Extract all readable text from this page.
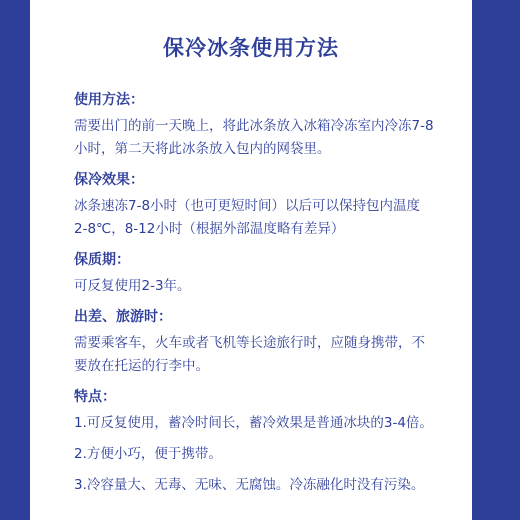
保冷冰条使用方法
使用方法：
需要出门的前一天晚上，将此冰条放入冰箱冷冻室内冷冻7-8
小时，第二天将此冰条放入包内的网袋里。
保冷效果：
冰条速冻7-8小时（也可更短时间）以后可以保持包内温度
2-8℃，8-12小时（根据外部温度略有差异）
保质期：
可反复使用2-3年。
出差、旅游时：
需要乘客车，火车或者飞机等长途旅行时，应随身携带，不
要放在托运的行李中。
特点：
1.可反复使用，蓄冷时间长，蓄冷效果是普通冰块的3-4倍。
2.方便小巧，便于携带。
3.冷容量大、无毒、无味、无腐蚀。冷冻融化时没有污染。
